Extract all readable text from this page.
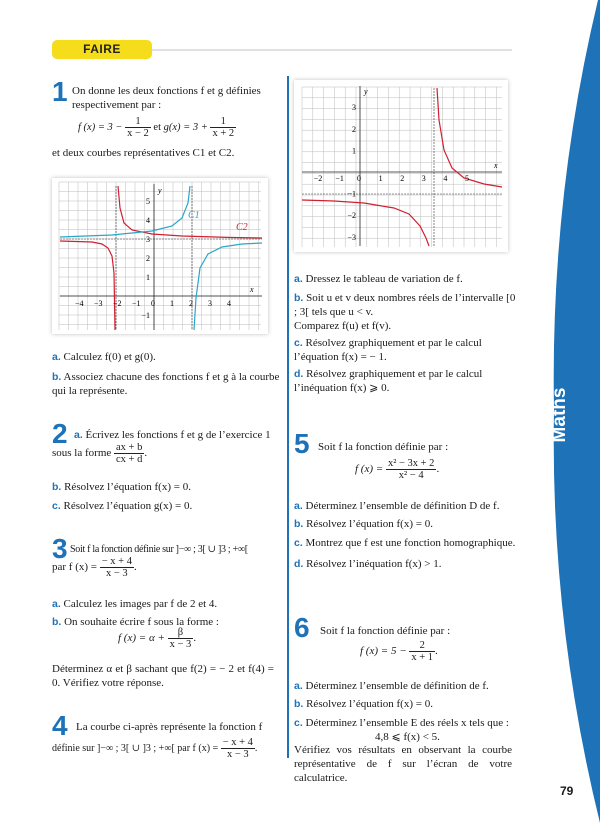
FAIRE
Maths
1 On donne les deux fonctions f et g définies respectivement par :
f $(x) = 3 - \frac{1}{x - 2}$ et $g(x) = 3 + \frac{1}{x + 2}$
et deux courbes représentatives C1 et C2.
y
x
C1
C2
−4 −3 −2 −1 0 1 2 3 4
5
4
3
2
1
−1
a. Calculez f(0) et g(0).
b. Associez chacune des fonctions f et g à la courbe qui la représente.
2 a. Écrivez les fonctions f et g de l’exercice 1
sous la forme $\frac{ax + b}{cx + d}$ .
b. Résolvez l’équation f(x) = 0.
c. Résolvez l’équation g(x) = 0.
3 Soit f la fonction définie sur ]−∞ ; 3[ ∪ ]3 ; +∞[
par f $(x) = \frac{- x + 4}{x - 3}$ .
a. Calculez les images par f de 2 et 4.
b. On souhaite écrire f sous la forme :
f $(x) = \alpha + \frac{\beta}{x - 3}$ .
Déterminez α et β sachant que f(2) = − 2 et f(4) = 0. Vérifiez votre réponse.
4 La courbe ci-après représente la fonction f
définie sur ]−∞ ; 3[ ∪ ]3 ; +∞[ par f $(x) = \frac{- x + 4}{x - 3}$ .
y
x
−2 −1 0 1 2 3 4 5
3
2
1
−1
−2
−3
a. Dressez le tableau de variation de f.
b. Soit u et v deux nombres réels de l’intervalle [0 ; 3[ tels que u < v.
Comparez f(u) et f(v).
c. Résolvez graphiquement et par le calcul l’équation f(x) = − 1.
d. Résolvez graphiquement et par le calcul l’inéquation f(x) ⩾ 0.
5 Soit f la fonction définie par :
f $(x) = \frac{\text{x² − 3x + 2}}{\text{x² − 4}}$ .
a. Déterminez l’ensemble de définition D de f.
b. Résolvez l’équation f(x) = 0.
c. Montrez que f est une fonction homographique.
d. Résolvez l’inéquation f(x) > 1.
6 Soit f la fonction définie par :
f $(x) = 5 - \frac{2}{x + 1}$ .
a. Déterminez l’ensemble de définition de f.
b. Résolvez l’équation f(x) = 0.
c. Déterminez l’ensemble E des réels x tels que :
4,8 ⩽ f(x) < 5.
Vérifiez vos résultats en observant la courbe représentative de f sur l’écran de votre calculatrice.
79
